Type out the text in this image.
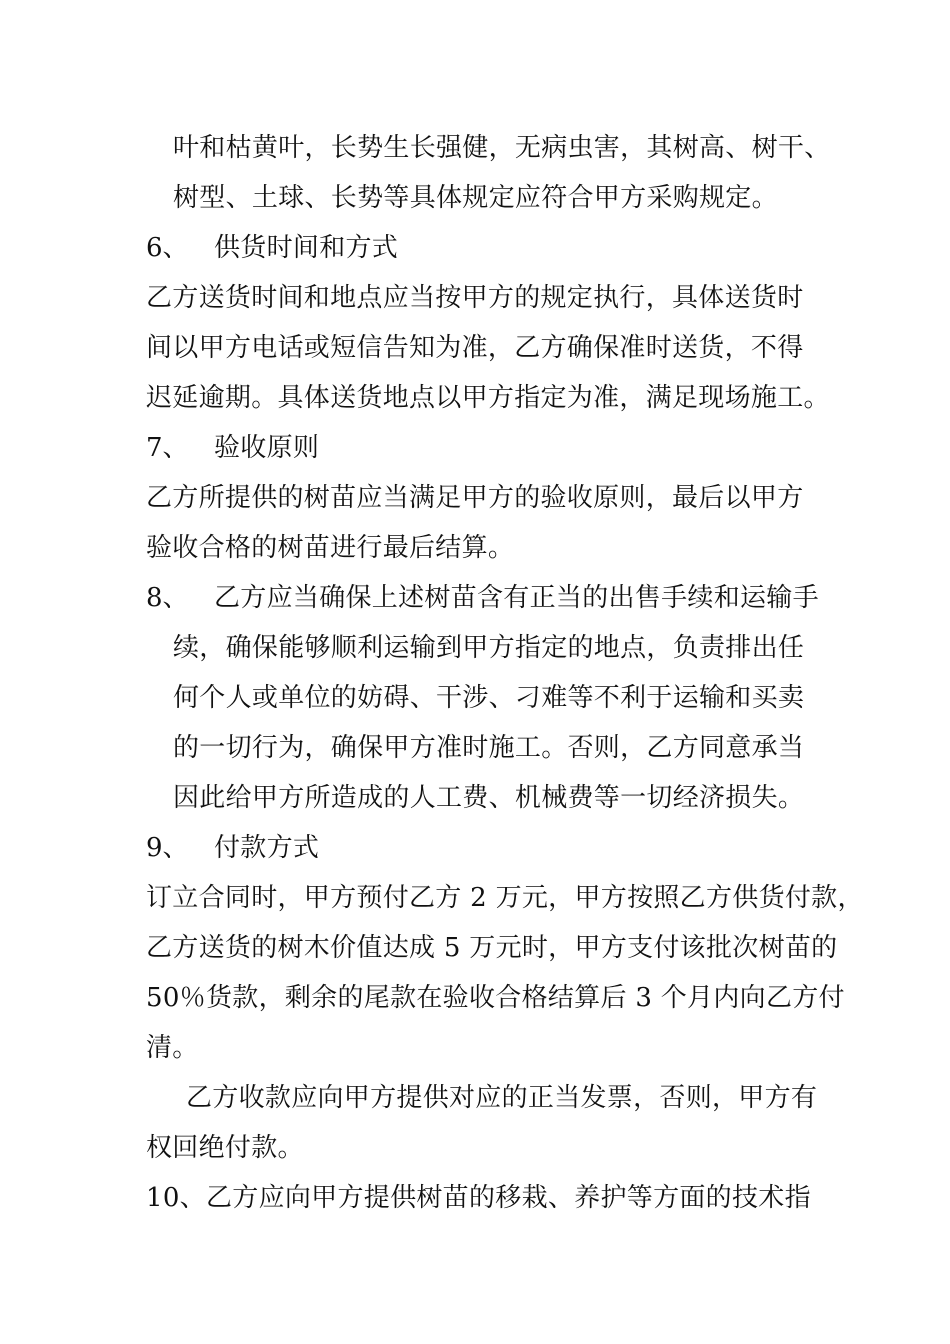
叶和枯黄叶，长势生长强健，无病虫害，其树高、树干、
树型、土球、长势等具体规定应符合甲方采购规定。
6、 供货时间和方式
乙方送货时间和地点应当按甲方的规定执行，具体送货时
间以甲方电话或短信告知为准，乙方确保准时送货，不得
迟延逾期。具体送货地点以甲方指定为准，满足现场施工。
7、 验收原则
乙方所提供的树苗应当满足甲方的验收原则，最后以甲方
验收合格的树苗进行最后结算。
8、 乙方应当确保上述树苗含有正当的出售手续和运输手
续，确保能够顺利运输到甲方指定的地点，负责排出任
何个人或单位的妨碍、干涉、刁难等不利于运输和买卖
的一切行为，确保甲方准时施工。否则，乙方同意承当
因此给甲方所造成的人工费、机械费等一切经济损失。
9、 付款方式
订立合同时，甲方预付乙方 2 万元，甲方按照乙方供货付款，
乙方送货的树木价值达成 5 万元时，甲方支付该批次树苗的
50％货款，剩余的尾款在验收合格结算后 3 个月内向乙方付
清。
乙方收款应向甲方提供对应的正当发票，否则，甲方有
权回绝付款。
10、乙方应向甲方提供树苗的移栽、养护等方面的技术指
